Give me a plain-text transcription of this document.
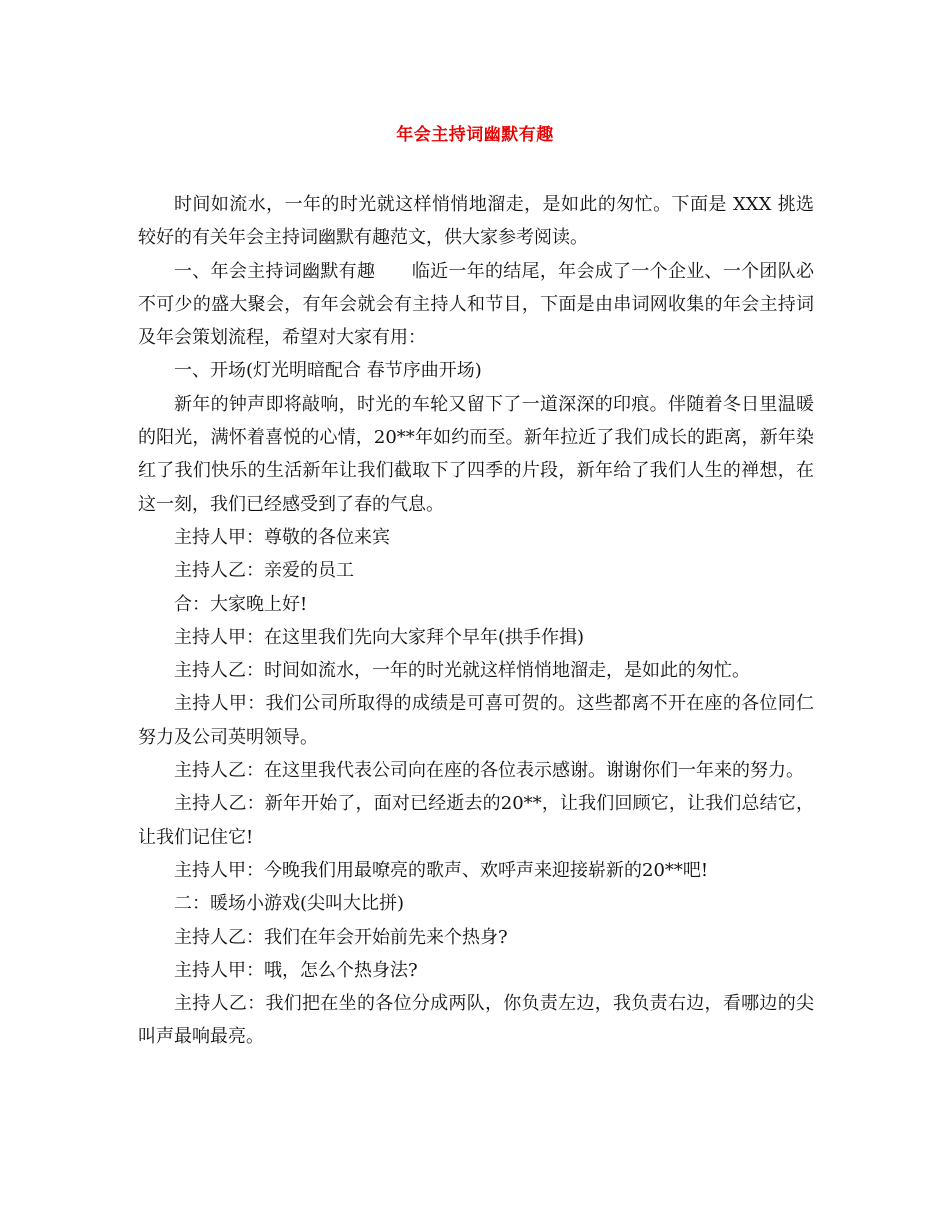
年会主持词幽默有趣

时间如流水，一年的时光就这样悄悄地溜走，是如此的匆忙。下面是 XXX 挑选较好的有关年会主持词幽默有趣范文，供大家参考阅读。

一、年会主持词幽默有趣　　临近一年的结尾，年会成了一个企业、一个团队必不可少的盛大聚会，有年会就会有主持人和节目，下面是由串词网收集的年会主持词及年会策划流程，希望对大家有用：

一、开场(灯光明暗配合 春节序曲开场)

新年的钟声即将敲响，时光的车轮又留下了一道深深的印痕。伴随着冬日里温暖的阳光，满怀着喜悦的心情，20**年如约而至。新年拉近了我们成长的距离，新年染红了我们快乐的生活新年让我们截取下了四季的片段，新年给了我们人生的禅想，在这一刻，我们已经感受到了春的气息。

主持人甲：尊敬的各位来宾

主持人乙：亲爱的员工

合：大家晚上好!

主持人甲：在这里我们先向大家拜个早年(拱手作揖)

主持人乙：时间如流水，一年的时光就这样悄悄地溜走，是如此的匆忙。

主持人甲：我们公司所取得的成绩是可喜可贺的。这些都离不开在座的各位同仁努力及公司英明领导。

主持人乙：在这里我代表公司向在座的各位表示感谢。谢谢你们一年来的努力。

主持人乙：新年开始了，面对已经逝去的20**，让我们回顾它，让我们总结它，让我们记住它!

主持人甲：今晚我们用最嘹亮的歌声、欢呼声来迎接崭新的20**吧!

二：暖场小游戏(尖叫大比拼)

主持人乙：我们在年会开始前先来个热身?

主持人甲：哦，怎么个热身法?

主持人乙：我们把在坐的各位分成两队，你负责左边，我负责右边，看哪边的尖叫声最响最亮。
